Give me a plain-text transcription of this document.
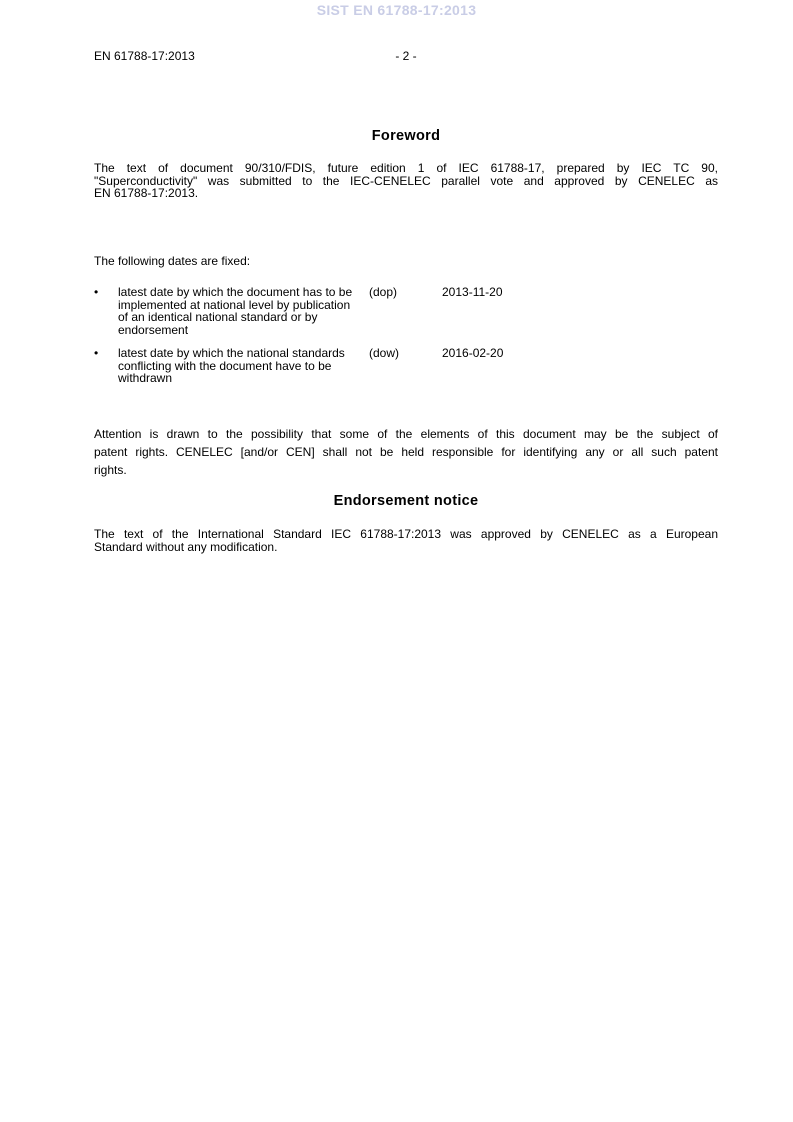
SIST EN 61788-17:2013
EN 61788-17:2013	- 2 -
Foreword
The text of document 90/310/FDIS, future edition 1 of IEC 61788-17, prepared by IEC TC 90,
"Superconductivity" was submitted to the IEC-CENELEC parallel vote and approved by CENELEC as
EN 61788-17:2013.
The following dates are fixed:
•	latest date by which the document has to be implemented at national level by publication of an identical national standard or by endorsement
(dop)	2013-11-20
•	latest date by which the national standards conflicting with the document have to be withdrawn
(dow)	2016-02-20
Attention is drawn to the possibility that some of the elements of this document may be the subject of
patent rights. CENELEC [and/or CEN] shall not be held responsible for identifying any or all such patent
rights.
Endorsement notice
The text of the International Standard IEC 61788-17:2013 was approved by CENELEC as a European
Standard without any modification.
